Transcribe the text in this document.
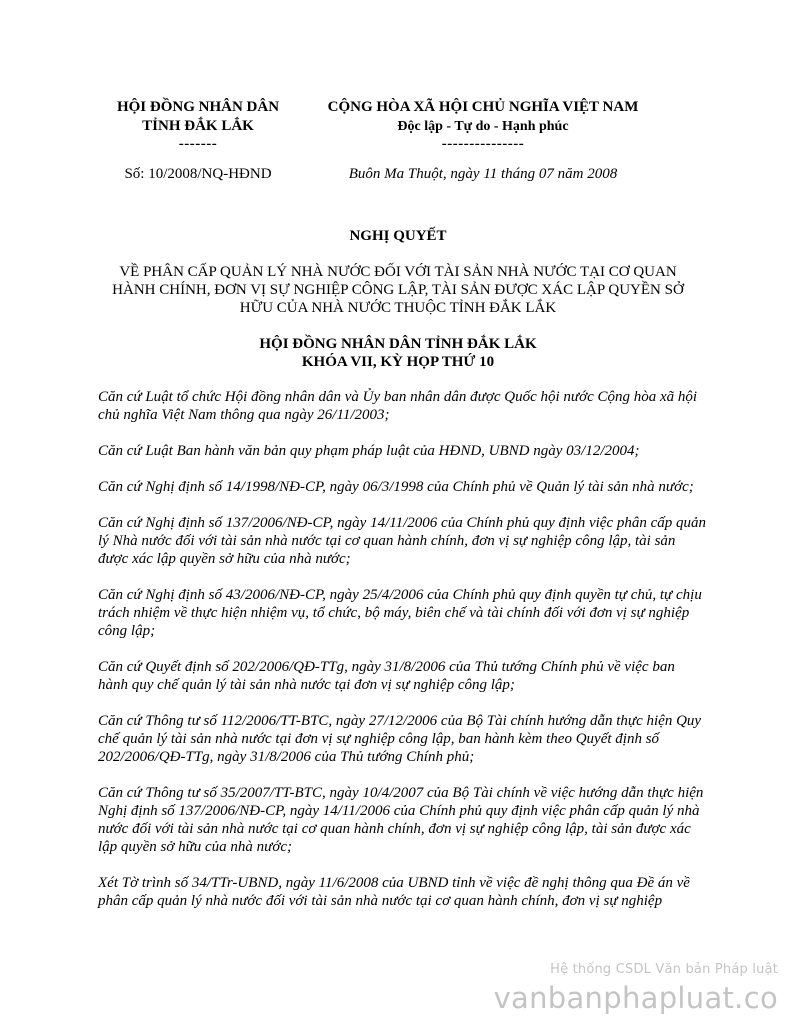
HỘI ĐỒNG NHÂN DÂN
TỈNH ĐẮK LẮK
-------
CỘNG HÒA XÃ HỘI CHỦ NGHĨA VIỆT NAM
Độc lập - Tự do - Hạnh phúc
---------------
Số: 10/2008/NQ-HĐND	Buôn Ma Thuột, ngày 11 tháng 07 năm 2008
NGHỊ QUYẾT
VỀ PHÂN CẤP QUẢN LÝ NHÀ NƯỚC ĐỐI VỚI TÀI SẢN NHÀ NƯỚC TẠI CƠ QUAN HÀNH CHÍNH, ĐƠN VỊ SỰ NGHIỆP CÔNG LẬP, TÀI SẢN ĐƯỢC XÁC LẬP QUYỀN SỞ HỮU CỦA NHÀ NƯỚC THUỘC TỈNH ĐẮK LẮK
HỘI ĐỒNG NHÂN DÂN TỈNH ĐẮK LẮK
KHÓA VII, KỲ HỌP THỨ 10

Căn cứ Luật tổ chức Hội đồng nhân dân và Ủy ban nhân dân được Quốc hội nước Cộng hòa xã hội chủ nghĩa Việt Nam thông qua ngày 26/11/2003;

Căn cứ Luật Ban hành văn bản quy phạm pháp luật của HĐND, UBND ngày 03/12/2004;

Căn cứ Nghị định số 14/1998/NĐ-CP, ngày 06/3/1998 của Chính phủ về Quản lý tài sản nhà nước;

Căn cứ Nghị định số 137/2006/NĐ-CP, ngày 14/11/2006 của Chính phủ quy định việc phân cấp quản lý Nhà nước đối với tài sản nhà nước tại cơ quan hành chính, đơn vị sự nghiệp công lập, tài sản được xác lập quyền sở hữu của nhà nước;

Căn cứ Nghị định số 43/2006/NĐ-CP, ngày 25/4/2006 của Chính phủ quy định quyền tự chủ, tự chịu trách nhiệm về thực hiện nhiệm vụ, tổ chức, bộ máy, biên chế và tài chính đối với đơn vị sự nghiệp công lập;

Căn cứ Quyết định số 202/2006/QĐ-TTg, ngày 31/8/2006 của Thủ tướng Chính phủ về việc ban hành quy chế quản lý tài sản nhà nước tại đơn vị sự nghiệp công lập;

Căn cứ Thông tư số 112/2006/TT-BTC, ngày 27/12/2006 của Bộ Tài chính hướng dẫn thực hiện Quy chế quản lý tài sản nhà nước tại đơn vị sự nghiệp công lập, ban hành kèm theo Quyết định số 202/2006/QĐ-TTg, ngày 31/8/2006 của Thủ tướng Chính phủ;

Căn cứ Thông tư số 35/2007/TT-BTC, ngày 10/4/2007 của Bộ Tài chính về việc hướng dẫn thực hiện Nghị định số 137/2006/NĐ-CP, ngày 14/11/2006 của Chính phủ quy định việc phân cấp quản lý nhà nước đối với tài sản nhà nước tại cơ quan hành chính, đơn vị sự nghiệp công lập, tài sản được xác lập quyền sở hữu của nhà nước;

Xét Tờ trình số 34/TTr-UBND, ngày 11/6/2008 của UBND tỉnh về việc đề nghị thông qua Đề án về phân cấp quản lý nhà nước đối với tài sản nhà nước tại cơ quan hành chính, đơn vị sự nghiệp

Hệ thống CSDL Văn bản Pháp luật
vanbanphapluat.co
